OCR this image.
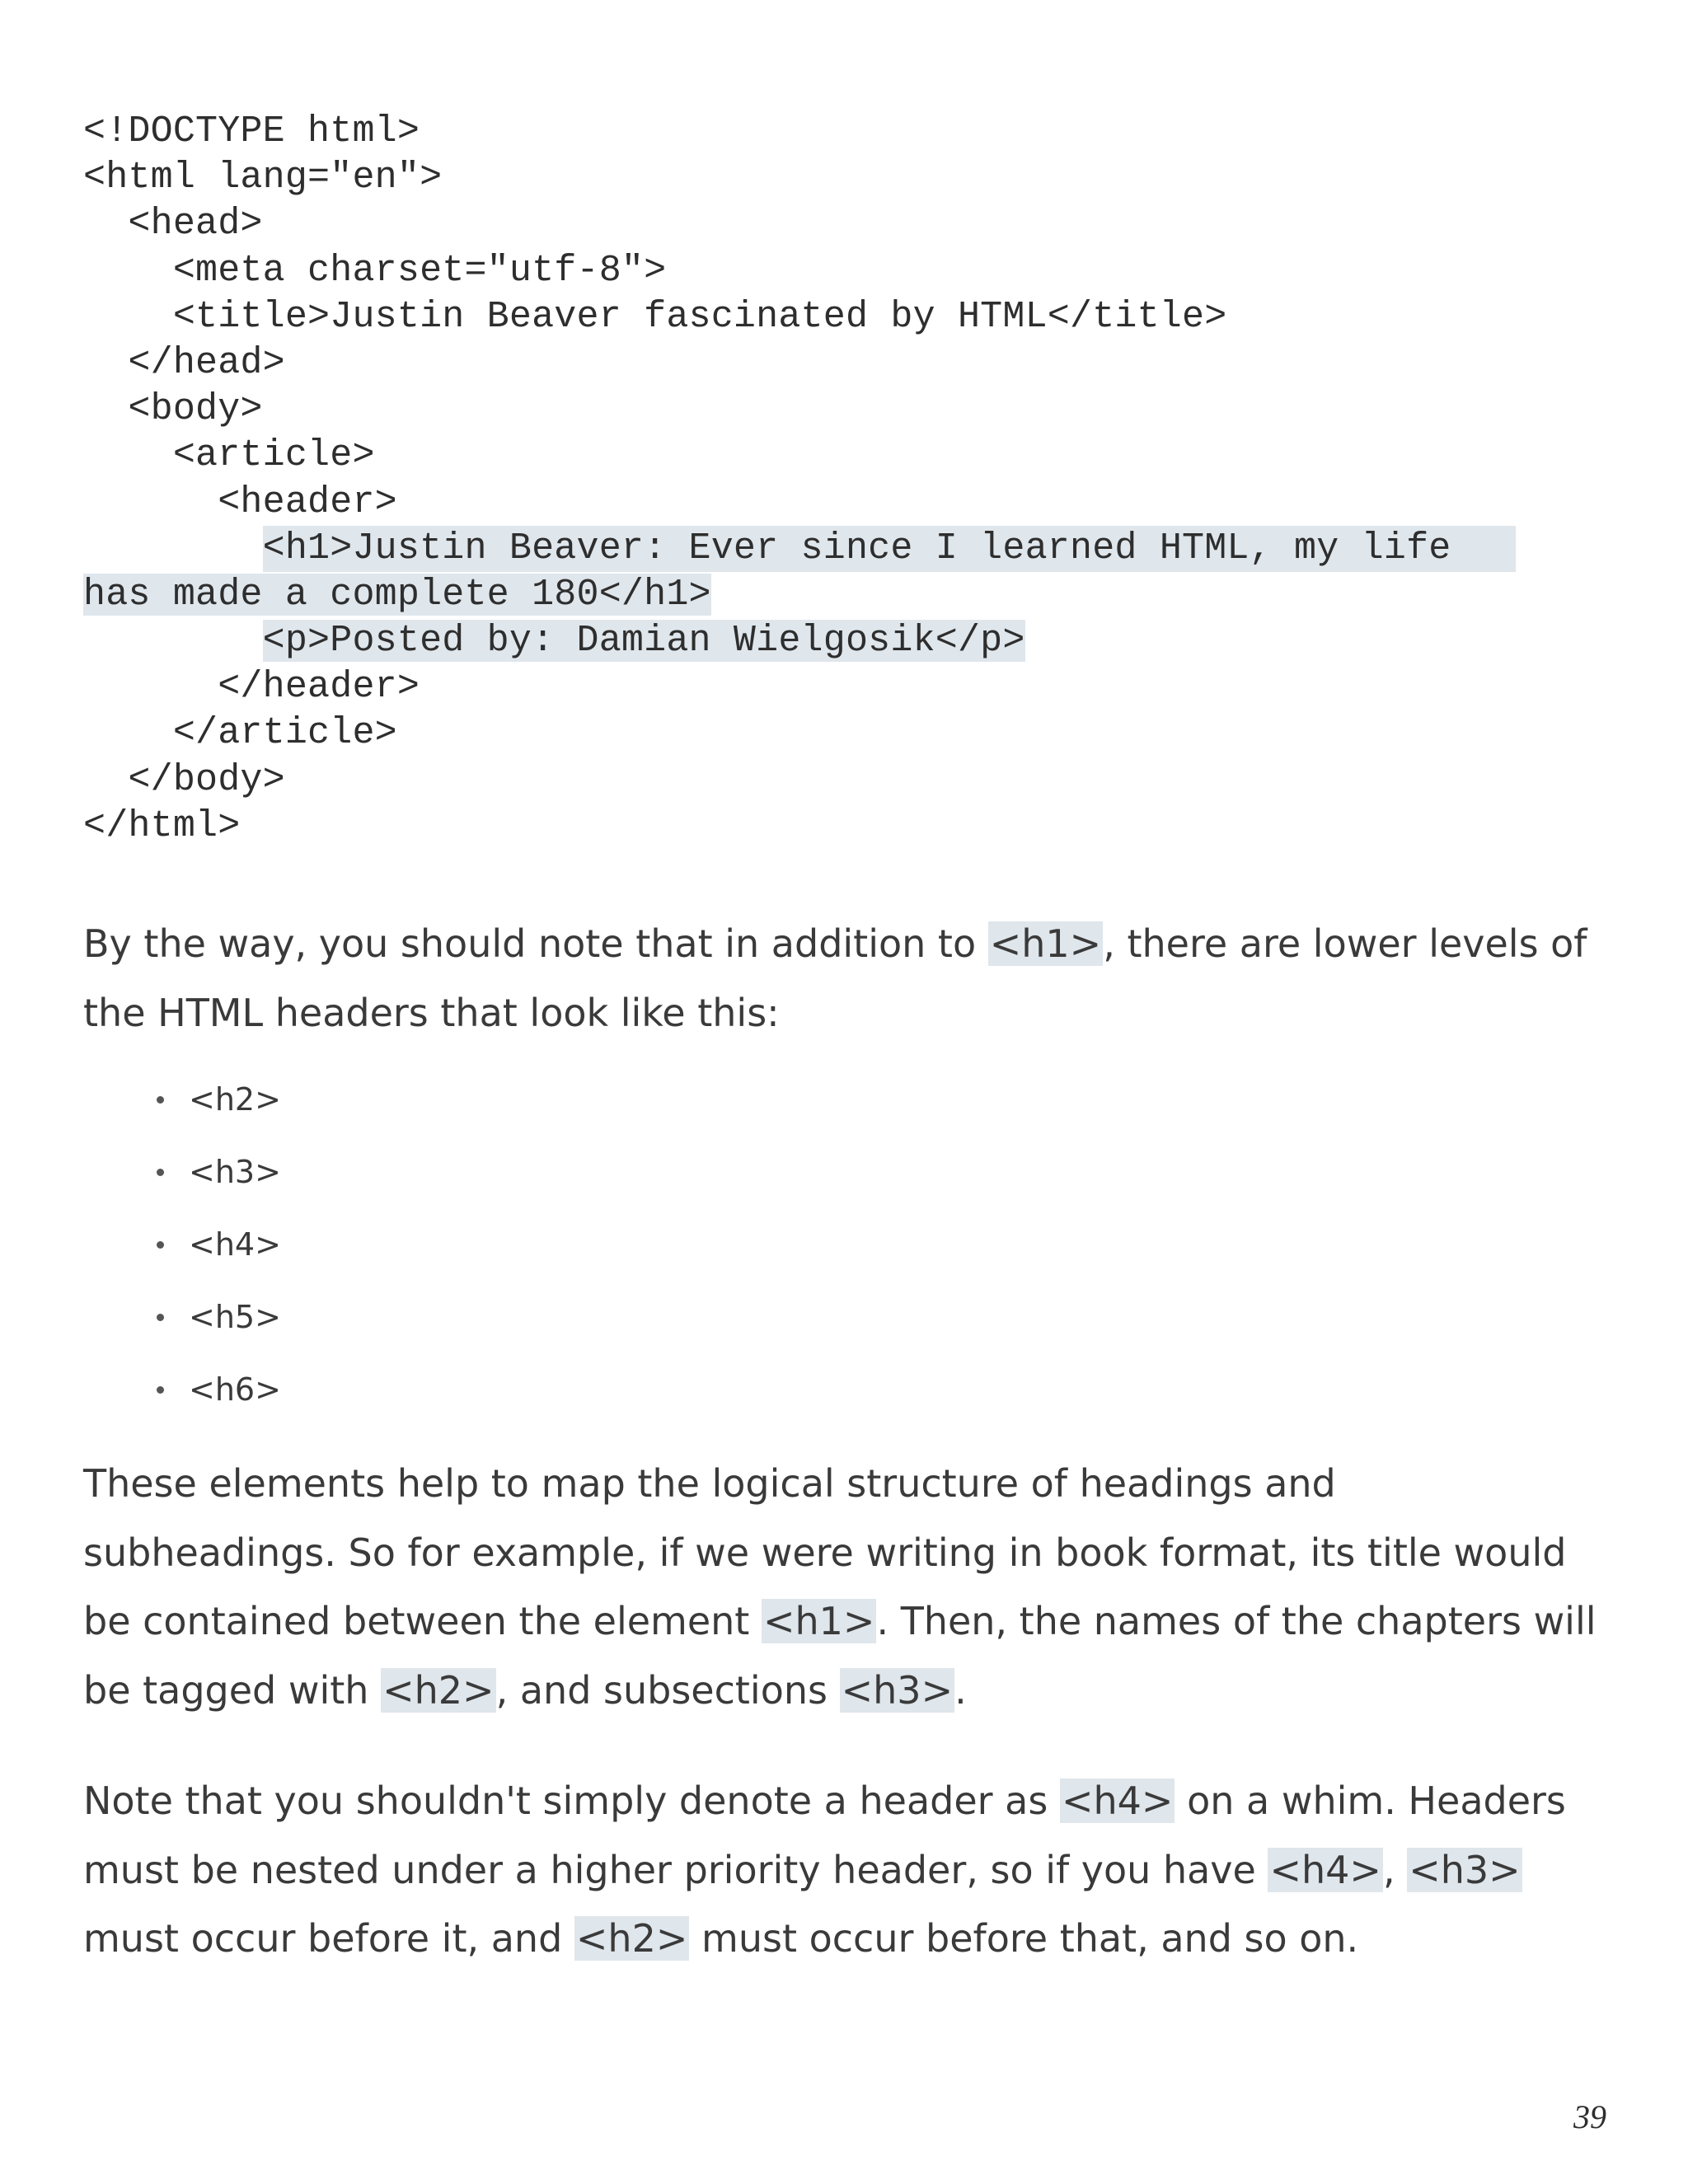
<!DOCTYPE html>
<html lang="en">
<head>
<meta charset="utf-8">
<title>Justin Beaver fascinated by HTML</title>
</head>
<body>
<article>
<header>
<h1>Justin Beaver: Ever since I learned HTML, my life
has made a complete 180</h1>
<p>Posted by: Damian Wielgosik</p>
</header>
</article>
</body>
</html>

By the way, you should note that in addition to <h1>, there are lower levels of the HTML headers that look like this:

<h2>
<h3>
<h4>
<h5>
<h6>

These elements help to map the logical structure of headings and subheadings. So for example, if we were writing in book format, its title would be contained between the element <h1>. Then, the names of the chapters will be tagged with <h2>, and subsections <h3>.

Note that you shouldn't simply denote a header as <h4> on a whim. Headers must be nested under a higher priority header, so if you have <h4>, <h3> must occur before it, and <h2> must occur before that, and so on.

39
